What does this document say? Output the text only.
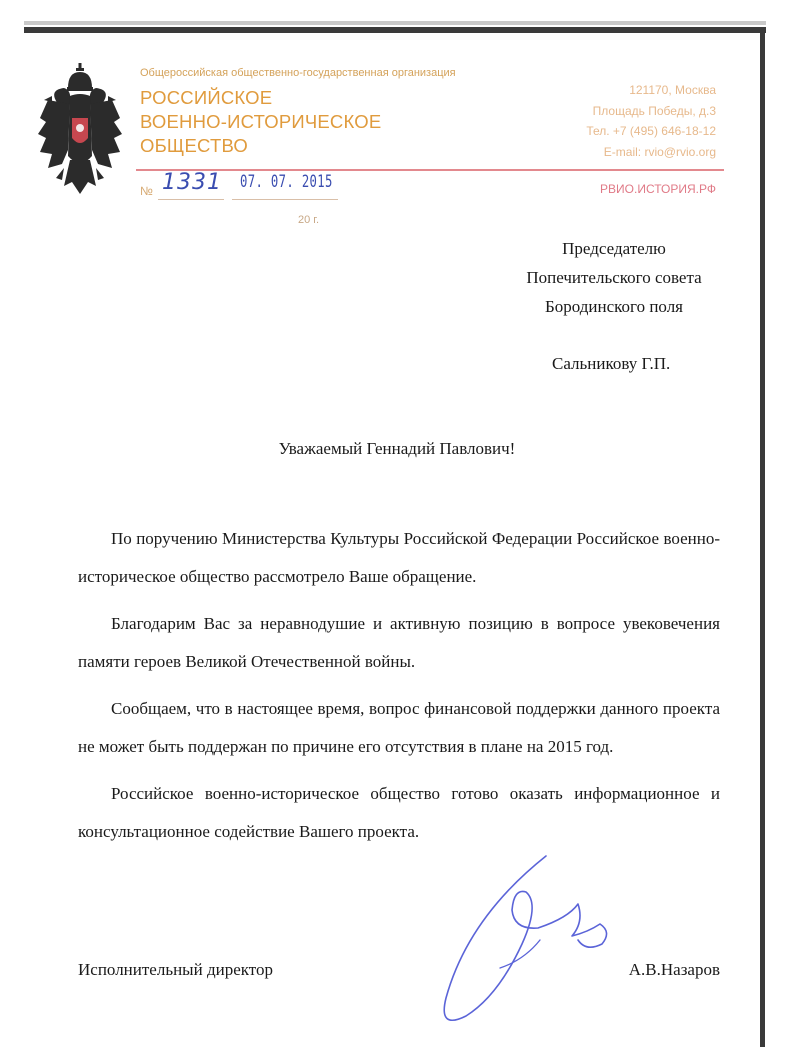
Общероссийская общественно-государственная организация
РОССИЙСКОЕ
ВОЕННО-ИСТОРИЧЕСКОЕ
ОБЩЕСТВО
121170, Москва
Площадь Победы, д.3
Тел. +7 (495) 646-18-12
E-mail: rvio@rvio.org
РВИО.ИСТОРИЯ.РФ
№ 1331 07. 07. 2015
20 г.
Председателю
Попечительского совета
Бородинского поля
Сальникову Г.П.
Уважаемый Геннадий Павлович!

По поручению Министерства Культуры Российской Федерации Российское военно-историческое общество рассмотрело Ваше обращение.

Благодарим Вас за неравнодушие и активную позицию в вопросе увековечения памяти героев Великой Отечественной войны.

Сообщаем, что в настоящее время, вопрос финансовой поддержки данного проекта не может быть поддержан по причине его отсутствия в плане на 2015 год.

Российское военно-историческое общество готово оказать информационное и консультационное содействие Вашего проекта.

Исполнительный директор	А.В.Назаров
